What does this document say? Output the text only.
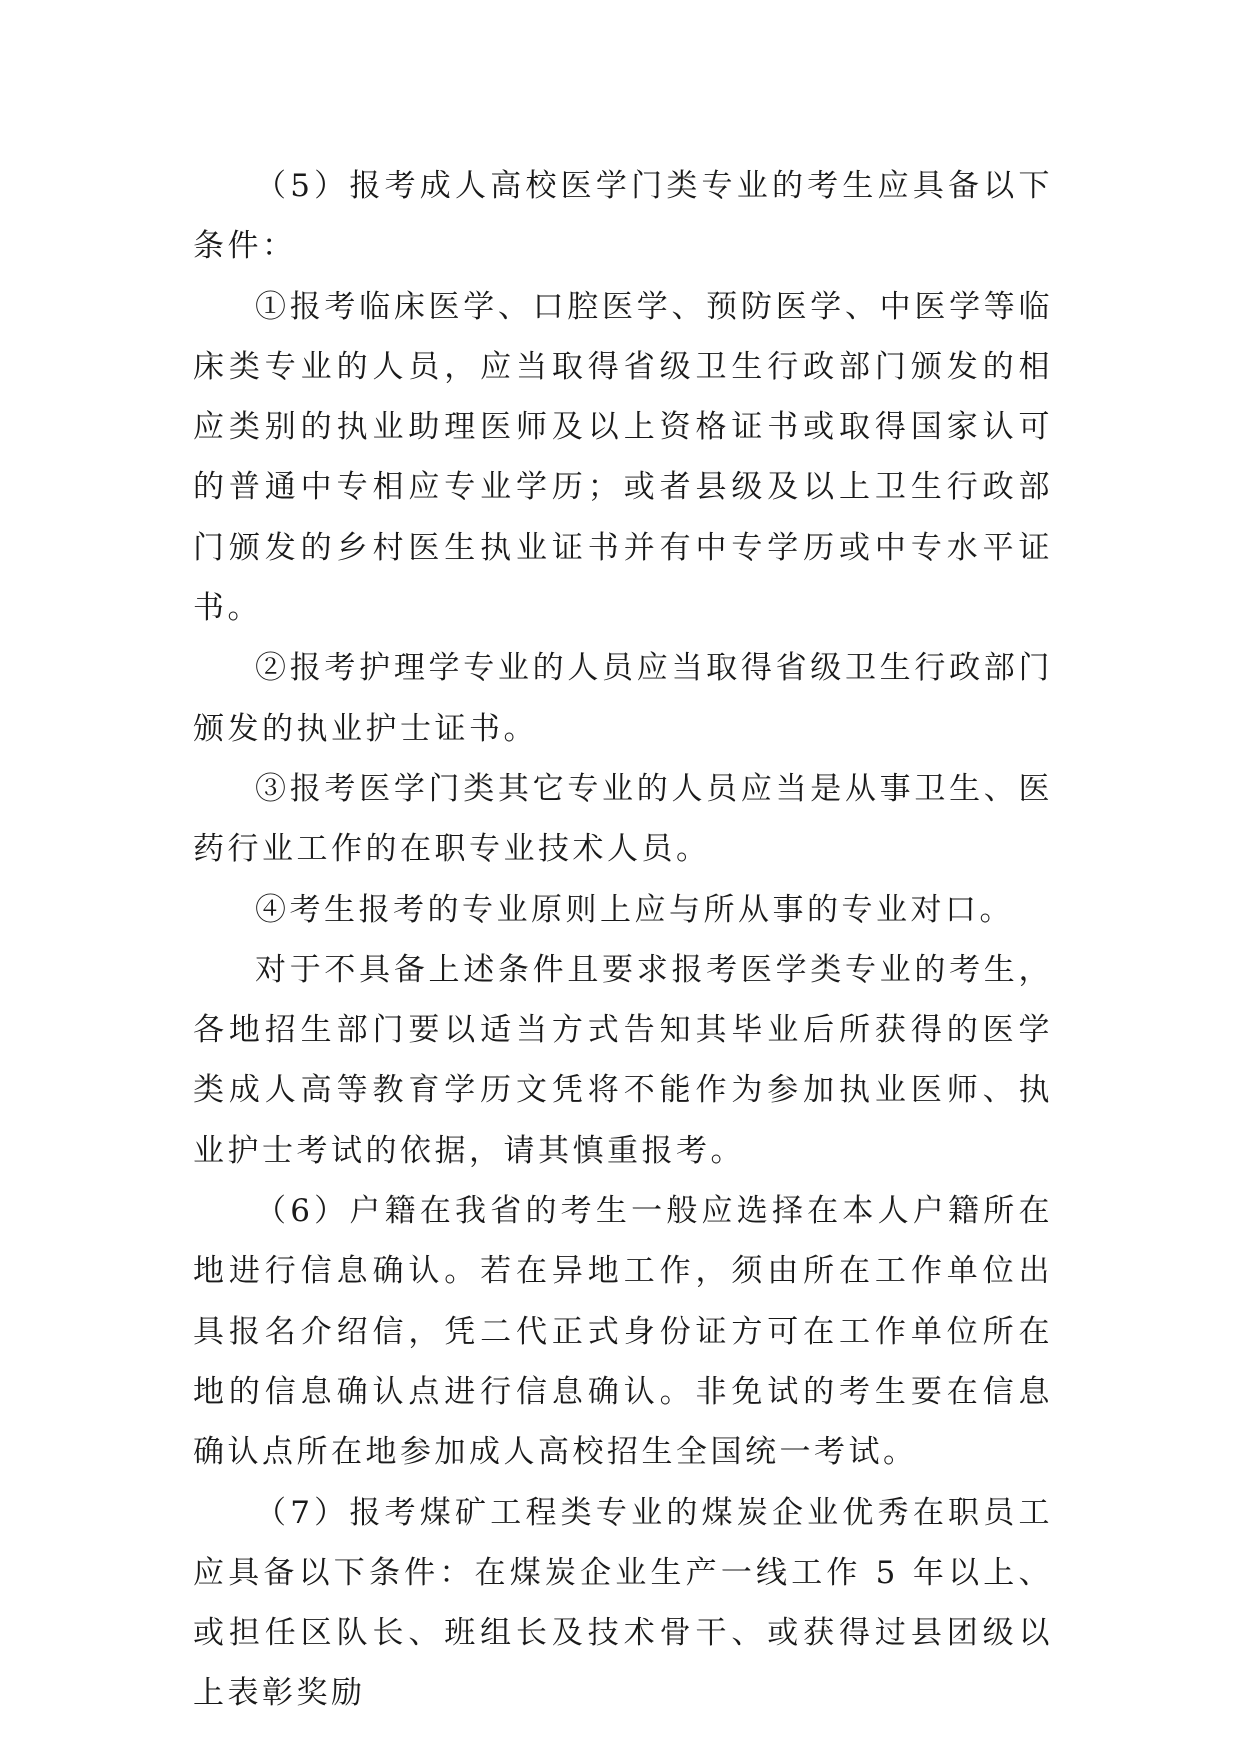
（5）报考成人高校医学门类专业的考生应具备以下条件：

①报考临床医学、口腔医学、预防医学、中医学等临床类专业的人员，应当取得省级卫生行政部门颁发的相应类别的执业助理医师及以上资格证书或取得国家认可的普通中专相应专业学历；或者县级及以上卫生行政部门颁发的乡村医生执业证书并有中专学历或中专水平证书。

②报考护理学专业的人员应当取得省级卫生行政部门颁发的执业护士证书。

③报考医学门类其它专业的人员应当是从事卫生、医药行业工作的在职专业技术人员。

④考生报考的专业原则上应与所从事的专业对口。

对于不具备上述条件且要求报考医学类专业的考生，各地招生部门要以适当方式告知其毕业后所获得的医学类成人高等教育学历文凭将不能作为参加执业医师、执业护士考试的依据，请其慎重报考。

（6）户籍在我省的考生一般应选择在本人户籍所在地进行信息确认。若在异地工作，须由所在工作单位出具报名介绍信，凭二代正式身份证方可在工作单位所在地的信息确认点进行信息确认。非免试的考生要在信息确认点所在地参加成人高校招生全国统一考试。

（7）报考煤矿工程类专业的煤炭企业优秀在职员工应具备以下条件：在煤炭企业生产一线工作 5 年以上、或担任区队长、班组长及技术骨干、或获得过县团级以上表彰奖励
